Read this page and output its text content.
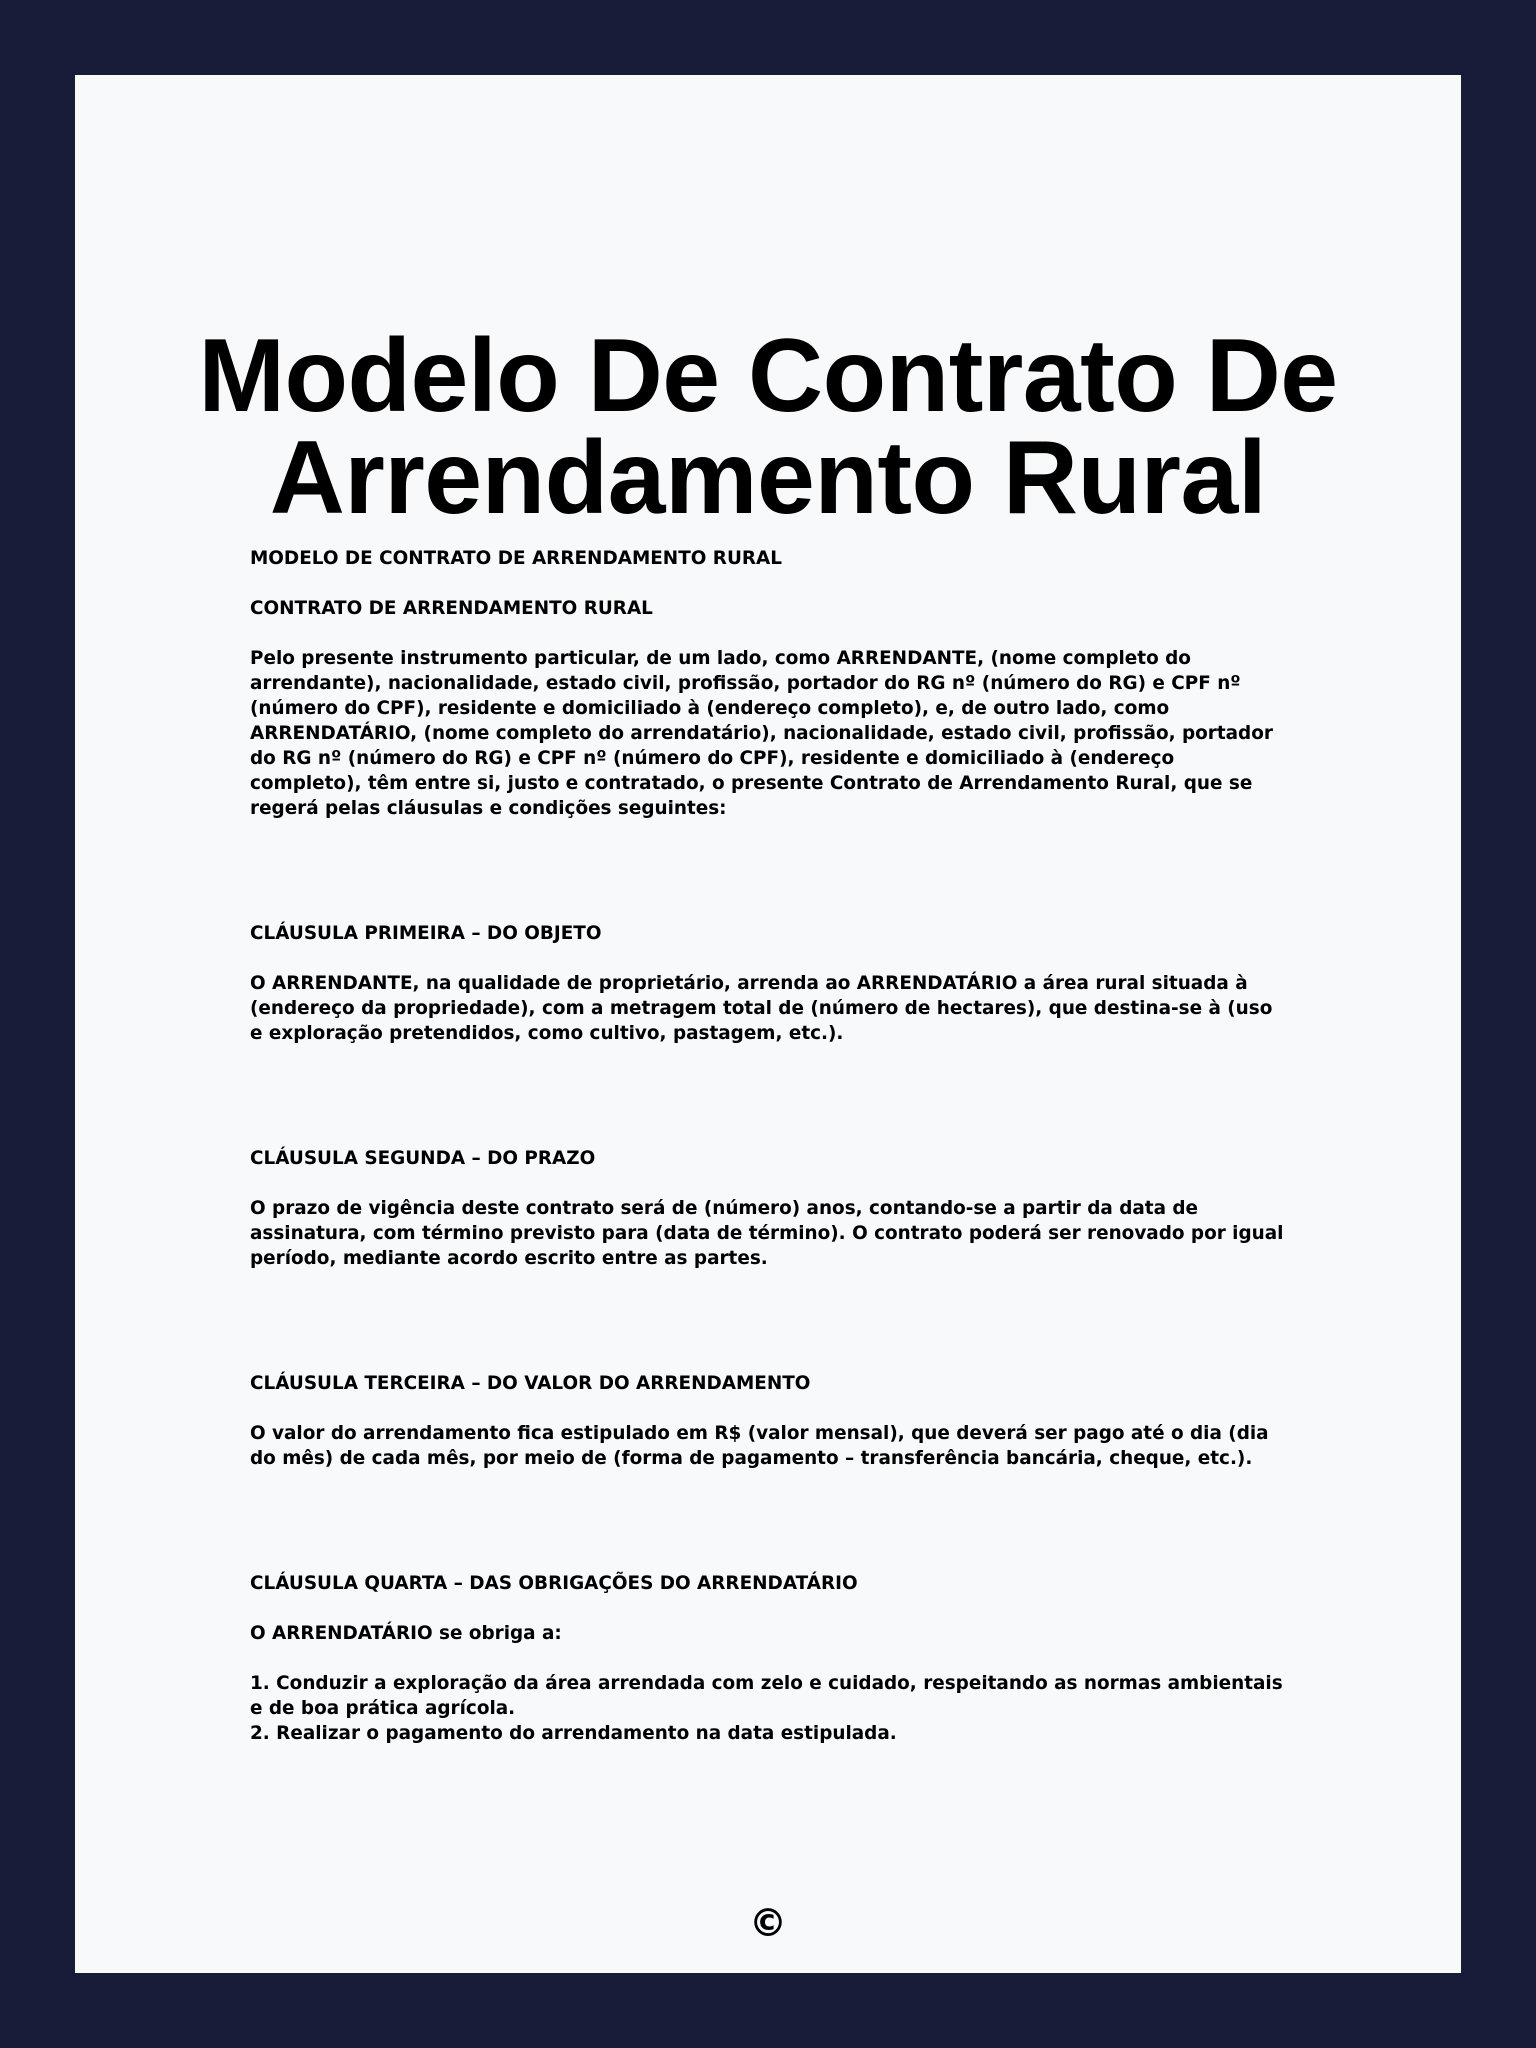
Modelo De Contrato De
Arrendamento Rural

MODELO DE CONTRATO DE ARRENDAMENTO RURAL

CONTRATO DE ARRENDAMENTO RURAL

Pelo presente instrumento particular, de um lado, como ARRENDANTE, (nome completo do arrendante), nacionalidade, estado civil, profissão, portador do RG nº (número do RG) e CPF nº (número do CPF), residente e domiciliado à (endereço completo), e, de outro lado, como ARRENDATÁRIO, (nome completo do arrendatário), nacionalidade, estado civil, profissão, portador do RG nº (número do RG) e CPF nº (número do CPF), residente e domiciliado à (endereço completo), têm entre si, justo e contratado, o presente Contrato de Arrendamento Rural, que se regerá pelas cláusulas e condições seguintes:

CLÁUSULA PRIMEIRA – DO OBJETO

O ARRENDANTE, na qualidade de proprietário, arrenda ao ARRENDATÁRIO a área rural situada à (endereço da propriedade), com a metragem total de (número de hectares), que destina-se à (uso e exploração pretendidos, como cultivo, pastagem, etc.).

CLÁUSULA SEGUNDA – DO PRAZO

O prazo de vigência deste contrato será de (número) anos, contando-se a partir da data de assinatura, com término previsto para (data de término). O contrato poderá ser renovado por igual período, mediante acordo escrito entre as partes.

CLÁUSULA TERCEIRA – DO VALOR DO ARRENDAMENTO

O valor do arrendamento fica estipulado em R$ (valor mensal), que deverá ser pago até o dia (dia do mês) de cada mês, por meio de (forma de pagamento – transferência bancária, cheque, etc.).

CLÁUSULA QUARTA – DAS OBRIGAÇÕES DO ARRENDATÁRIO

O ARRENDATÁRIO se obriga a:

1. Conduzir a exploração da área arrendada com zelo e cuidado, respeitando as normas ambientais e de boa prática agrícola.

2. Realizar o pagamento do arrendamento na data estipulada.

©
